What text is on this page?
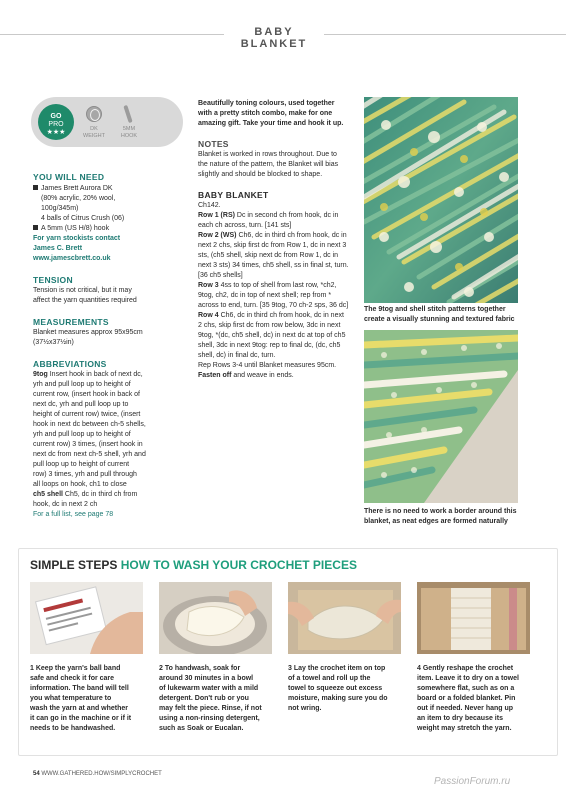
BABY BLANKET
GO
PRO
★★★	DK
WEIGHT
5MM
HOOK
YOU WILL NEED

James Brett Aurora DK

(80% acrylic, 20% wool,

100g/345m)

4 balls of Citrus Crush (06)

A 5mm (US H/8) hook

For yarn stockists contact

James C. Brett

www.jamescbrett.co.uk

TENSION

Tension is not critical, but it may

affect the yarn quantities required

MEASUREMENTS

Blanket measures approx 95x95cm

(37½x37½in)

ABBREVIATIONS

9tog Insert hook in back of next dc,

yrh and pull loop up to height of

current row, (insert hook in back of

next dc, yrh and pull loop up to

height of current row) twice, (insert

hook in next dc between ch-5 shells,

yrh and pull loop up to height of

current row) 3 times, (insert hook in

next dc from next ch-5 shell, yrh and

pull loop up to height of current

row) 3 times, yrh and pull through

all loops on hook, ch1 to close

ch5 shell Ch5, dc in third ch from

hook, dc in next 2 ch

For a full list, see page 78

Beautifully toning colours, used together

with a pretty stitch combo, make for one

amazing gift. Take your time and hook it up.

NOTES

Blanket is worked in rows throughout. Due to

the nature of the pattern, the Blanket will bias

slightly and should be blocked to shape.

BABY BLANKET

Ch142.

Row 1 (RS) Dc in second ch from hook, dc in

each ch across, turn. [141 sts]

Row 2 (WS) Ch6, dc in third ch from hook, dc in

next 2 chs, skip first dc from Row 1, dc in next 3

sts, (ch5 shell, skip next dc from Row 1, dc in

next 3 sts) 34 times, ch5 shell, ss in final st, turn.

[36 ch5 shells]

Row 3 4ss to top of shell from last row, *ch2,

9tog, ch2, dc in top of next shell; rep from *

across to end, turn. [35 9tog, 70 ch-2 sps, 36 dc]

Row 4 Ch6, dc in third ch from hook, dc in next

2 chs, skip first dc from row below, 3dc in next

9tog, *(dc, ch5 shell, dc) in next dc at top of ch5

shell, 3dc in next 9tog: rep to final dc, (dc, ch5

shell, dc) in final dc, turn.

Rep Rows 3-4 until Blanket measures 95cm.

Fasten off and weave in ends.

The 9tog and shell stitch patterns together

create a visually stunning and textured fabric

There is no need to work a border around this

blanket, as neat edges are formed naturally

SIMPLE STEPS HOW TO WASH YOUR CROCHET PIECES

1 Keep the yarn's ball band

safe and check it for care

information. The band will tell

you what temperature to

wash the yarn at and whether

it can go in the machine or if it

needs to be handwashed.

2 To handwash, soak for

around 30 minutes in a bowl

of lukewarm water with a mild

detergent. Don't rub or you

may felt the piece. Rinse, if not

using a non-rinsing detergent,

such as Soak or Eucalan.

3 Lay the crochet item on top

of a towel and roll up the

towel to squeeze out excess

moisture, making sure you do

not wring.

4 Gently reshape the crochet

item. Leave it to dry on a towel

somewhere flat, such as on a

board or a folded blanket. Pin

out if needed. Never hang up

an item to dry because its

weight may stretch the yarn.

54 WWW.GATHERED.HOW/SIMPLYCROCHET
PassionForum.ru
